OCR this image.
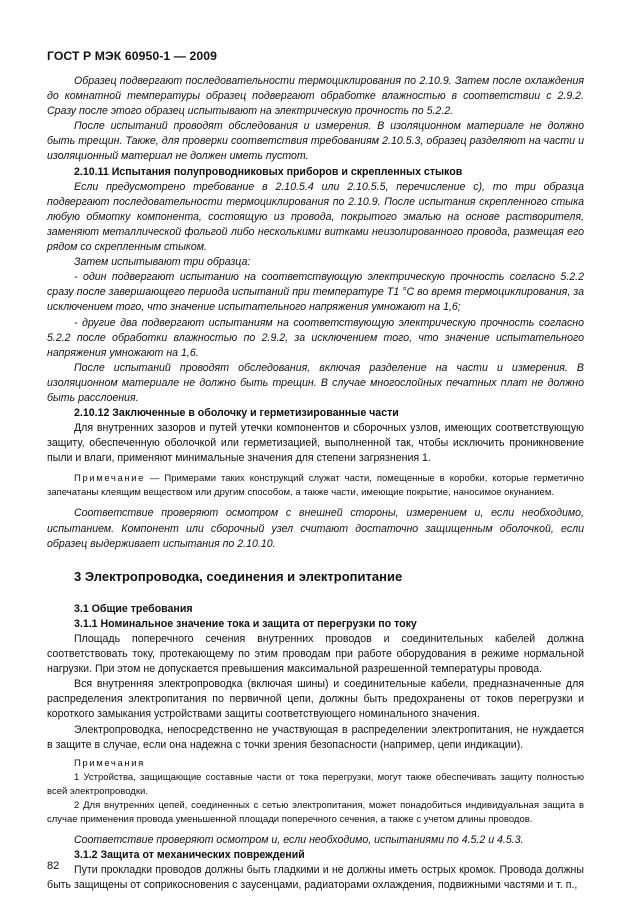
ГОСТ Р МЭК 60950-1 — 2009

Образец подвергают последовательности термоциклирования по 2.10.9. Затем после охлаждения до комнатной температуры образец подвергают обработке влажностью в соответствии с 2.9.2. Сразу после этого образец испытывают на электрическую прочность по 5.2.2.

После испытаний проводят обследования и измерения. В изоляционном материале не должно быть трещин. Также, для проверки соответствия требованиям 2.10.5.3, образец разделяют на части и изоляционный материал не должен иметь пустот.

2.10.11 Испытания полупроводниковых приборов и скрепленных стыков

Если предусмотрено требование в 2.10.5.4 или 2.10.5.5, перечисление с), то три образца подвергают последовательности термоциклирования по 2.10.9. После испытания скрепленного стыка любую обмотку компонента, состоящую из провода, покрытого эмалью на основе растворителя, заменяют металлической фольгой либо несколькими витками неизолированного провода, размещая его рядом со скрепленным стыком.

Затем испытывают три образца:

- один подвергают испытанию на соответствующую электрическую прочность согласно 5.2.2 сразу после завершающего периода испытаний при температуре T1 °C во время термоциклирования, за исключением того, что значение испытательного напряжения умножают на 1,6;

- другие два подвергают испытаниям на соответствующую электрическую прочность согласно 5.2.2 после обработки влажностью по 2.9.2, за исключением того, что значение испытательного напряжения умножают на 1,6.

После испытаний проводят обследования, включая разделение на части и измерения. В изоляционном материале не должно быть трещин. В случае многослойных печатных плат не должно быть расслоения.

2.10.12 Заключенные в оболочку и герметизированные части

Для внутренних зазоров и путей утечки компонентов и сборочных узлов, имеющих соответствующую защиту, обеспеченную оболочкой или герметизацией, выполненной так, чтобы исключить проникновение пыли и влаги, применяют минимальные значения для степени загрязнения 1.

Примечание — Примерами таких конструкций служат части, помещенные в коробки, которые герметично запечатаны клеящим веществом или другим способом, а также части, имеющие покрытие, наносимое окунанием.

Соответствие проверяют осмотром с внешней стороны, измерением и, если необходимо, испытанием. Компонент или сборочный узел считают достаточно защищенным оболочкой, если образец выдерживает испытания по 2.10.10.

3 Электропроводка, соединения и электропитание

3.1 Общие требования

3.1.1 Номинальное значение тока и защита от перегрузки по току

Площадь поперечного сечения внутренних проводов и соединительных кабелей должна соответствовать току, протекающему по этим проводам при работе оборудования в режиме нормальной нагрузки. При этом не допускается превышения максимальной разрешенной температуры провода.

Вся внутренняя электропроводка (включая шины) и соединительные кабели, предназначенные для распределения электропитания по первичной цепи, должны быть предохранены от токов перегрузки и короткого замыкания устройствами защиты соответствующего номинального значения.

Электропроводка, непосредственно не участвующая в распределении электропитания, не нуждается в защите в случае, если она надежна с точки зрения безопасности (например, цепи индикации).

Примечания

1 Устройства, защищающие составные части от тока перегрузки, могут также обеспечивать защиту полностью всей электропроводки.

2 Для внутренних цепей, соединенных с сетью электропитания, может понадобиться индивидуальная защита в случае применения провода уменьшенной площади поперечного сечения, а также с учетом длины проводов.

Соответствие проверяют осмотром и, если необходимо, испытаниями по 4.5.2 и 4.5.3.

3.1.2 Защита от механических повреждений

Пути прокладки проводов должны быть гладкими и не должны иметь острых кромок. Провода должны быть защищены от соприкосновения с заусенцами, радиаторами охлаждения, подвижными частями и т. п.,

82
